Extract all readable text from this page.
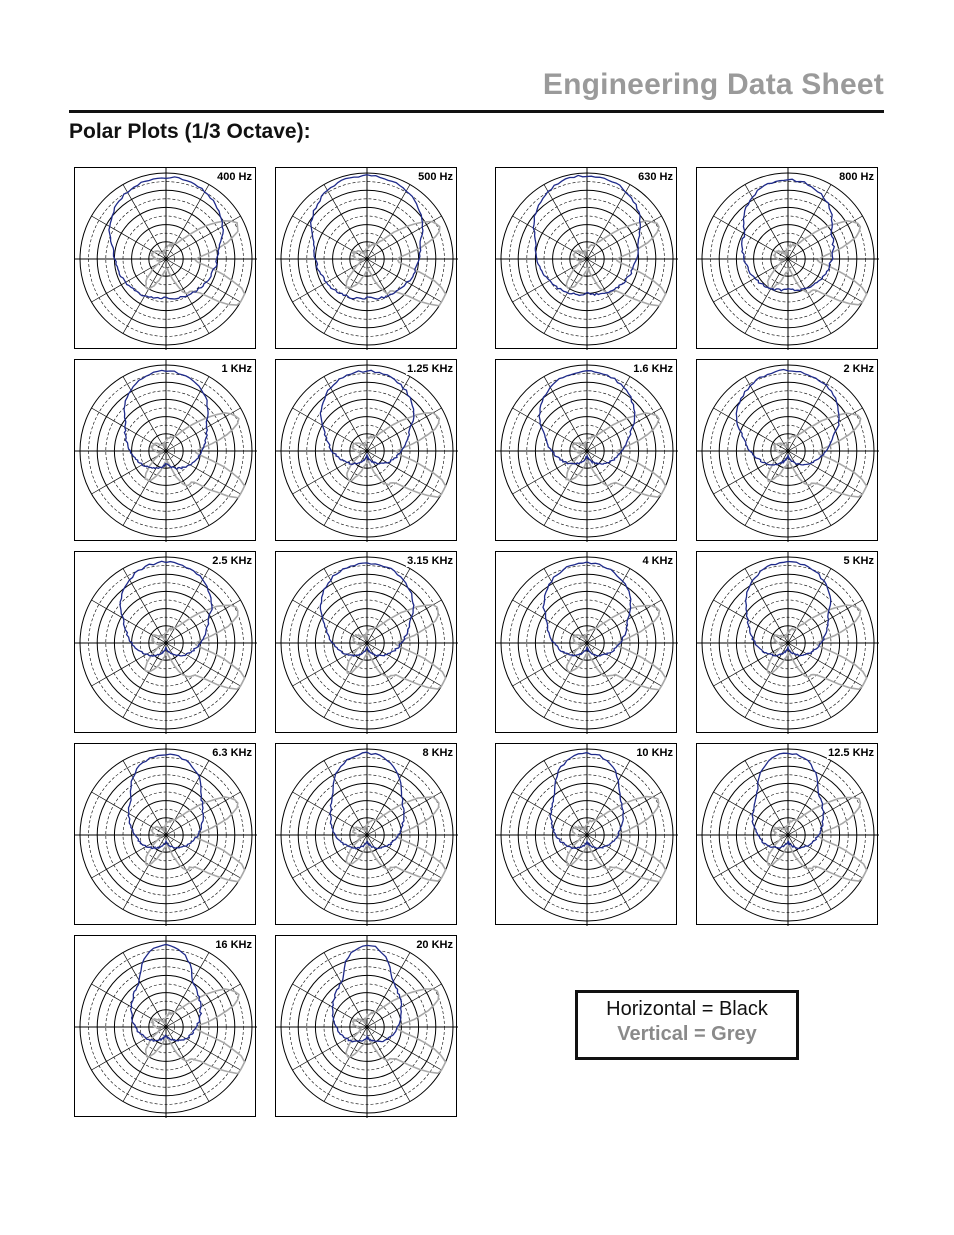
Engineering Data Sheet
Polar Plots (1/3 Octave):
400 Hz	500 Hz	630 Hz	800 Hz
1 KHz	1.25 KHz	1.6 KHz	2 KHz
2.5 KHz	3.15 KHz	4 KHz	5 KHz
6.3 KHz	8 KHz	10 KHz	12.5 KHz
16 KHz	20 KHz
Horizontal = Black
Vertical = Grey
